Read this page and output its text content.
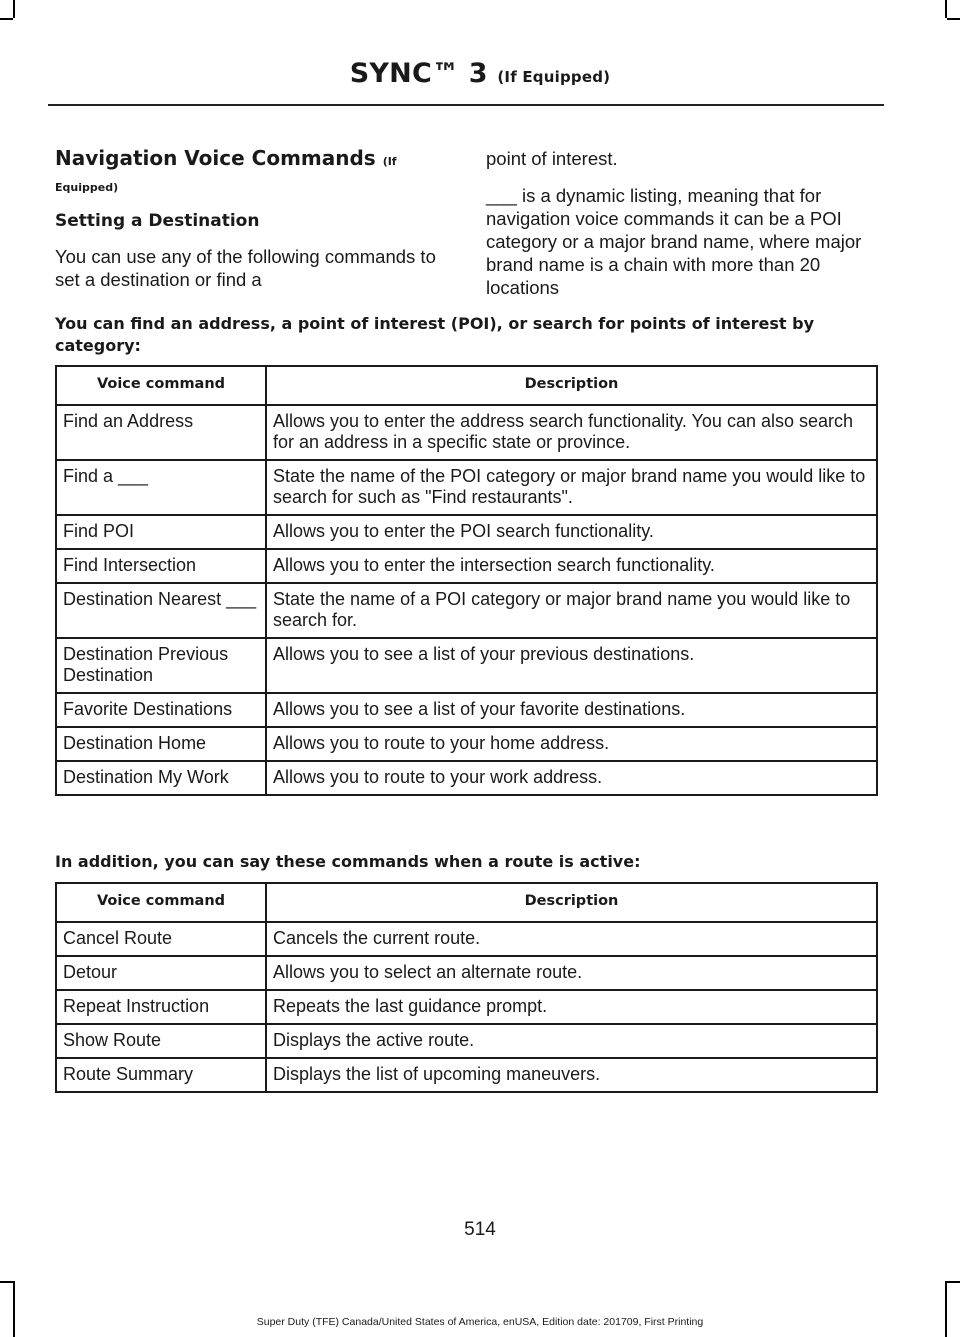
SYNC™ 3 (If Equipped)

Navigation Voice Commands (If

Equipped)

Setting a Destination

You can use any of the following commands to set a destination or find a

point of interest.

___ is a dynamic listing, meaning that for navigation voice commands it can be a POI category or a major brand name, where major brand name is a chain with more than 20 locations

You can find an address, a point of interest (POI), or search for points of interest by category:
Voice command	Description
Find an Address	Allows you to enter the address search functionality. You can also search for an address in a specific state or province.
Find a ___	State the name of the POI category or major brand name you would like to search for such as "Find restaurants".
Find POI	Allows you to enter the POI search functionality.
Find Intersection	Allows you to enter the intersection search functionality.
Destination Nearest ___	State the name of a POI category or major brand name you would like to search for.
Destination Previous Destination	Allows you to see a list of your previous destinations.
Favorite Destinations	Allows you to see a list of your favorite destinations.
Destination Home	Allows you to route to your home address.
Destination My Work	Allows you to route to your work address.
In addition, you can say these commands when a route is active:
Voice command	Description
Cancel Route	Cancels the current route.
Detour	Allows you to select an alternate route.
Repeat Instruction	Repeats the last guidance prompt.
Show Route	Displays the active route.
Route Summary	Displays the list of upcoming maneuvers.
514
Super Duty (TFE) Canada/United States of America, enUSA, Edition date: 201709, First Printing
